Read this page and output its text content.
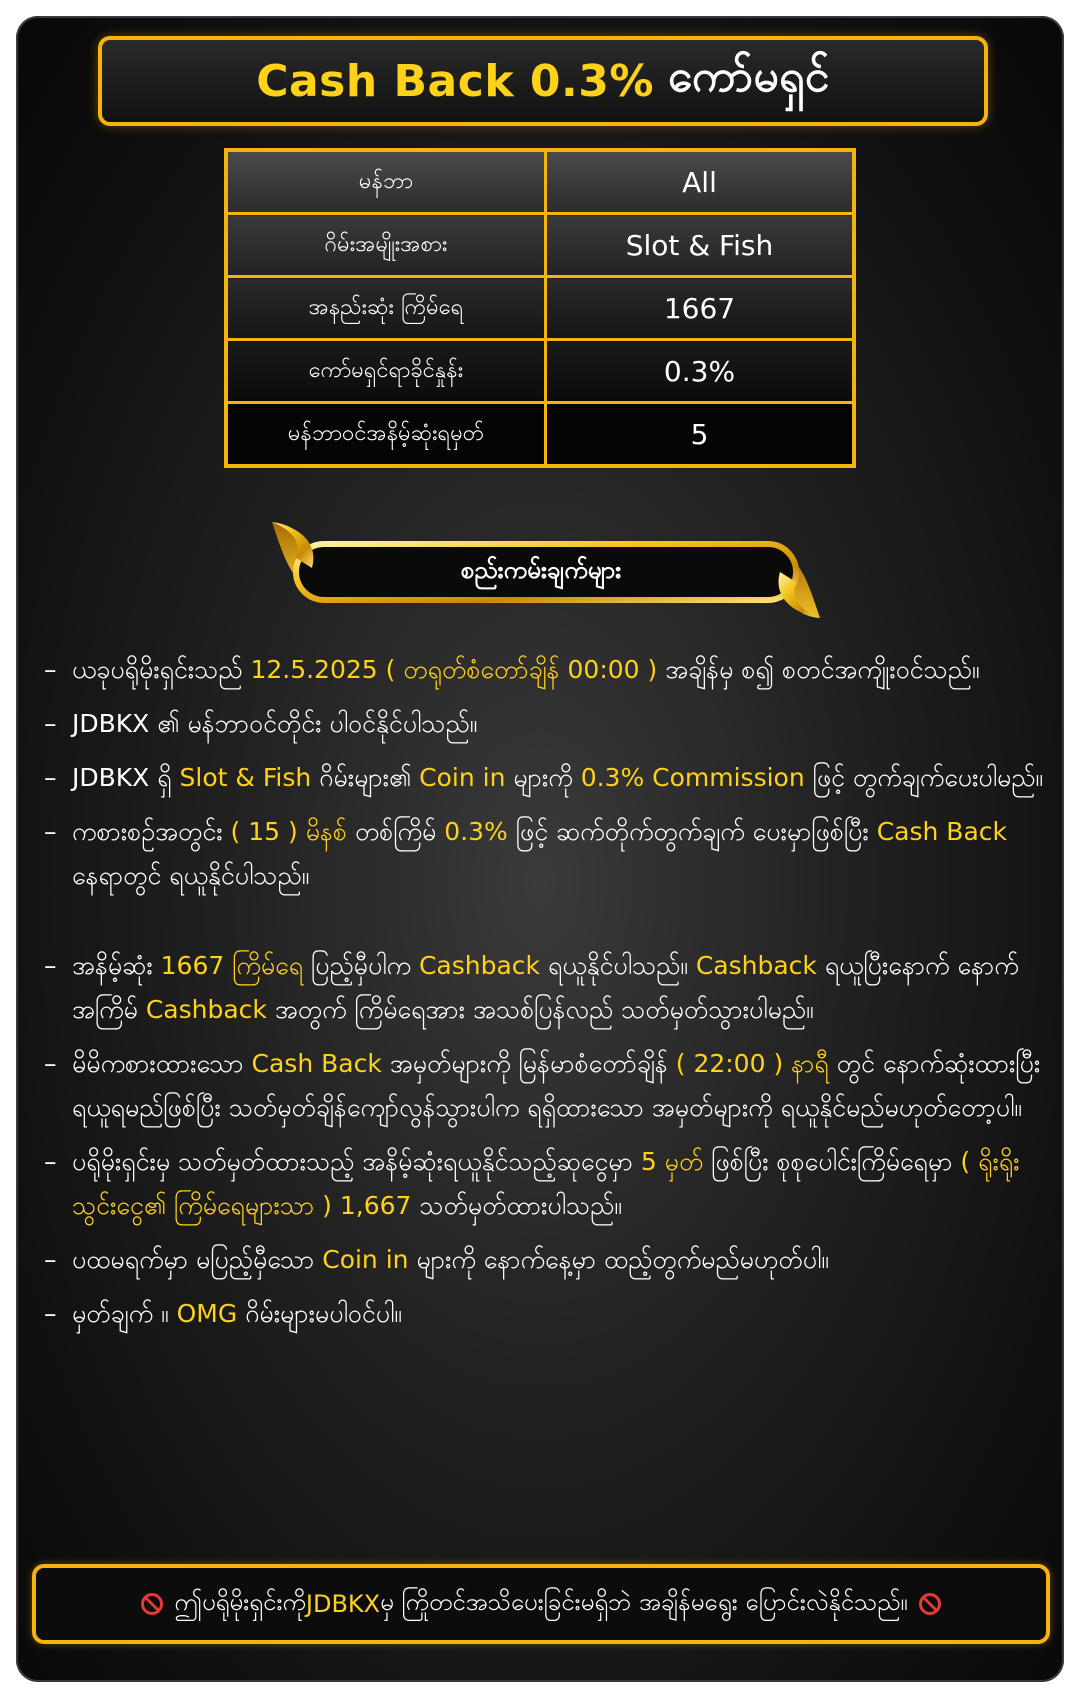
Cash Back 0.3% ကော်မရှင်
မန်ဘာ	All
ဂိမ်းအမျိုးအစား	Slot & Fish
အနည်းဆုံး ကြိမ်ရေ	1667
ကော်မရှင်ရာခိုင်နှုန်း	0.3%
မန်ဘာဝင်အနိမ့်ဆုံးရမှတ်	5
စည်းကမ်းချက်များ
– ယခုပရိုမိုးရှင်းသည် 12.5.2025 ( တရုတ်စံတော်ချိန် 00:00 ) အချိန်မှ စ၍ စတင်အကျိုးဝင်သည်။
– JDBKX ၏ မန်ဘာဝင်တိုင်း ပါဝင်နိုင်ပါသည်။
– JDBKX ရှိ Slot & Fish ဂိမ်းများ၏ Coin in များကို 0.3% Commission ဖြင့် တွက်ချက်ပေးပါမည်။
– ကစားစဉ်အတွင်း ( 15 ) မိနစ် တစ်ကြိမ် 0.3% ဖြင့် ဆက်တိုက်တွက်ချက် ပေးမှာဖြစ်ပြီး Cash Back နေရာတွင် ရယူနိုင်ပါသည်။
– အနိမ့်ဆုံး 1667 ကြိမ်ရေ ပြည့်မှီပါက Cashback ရယူနိုင်ပါသည်။ Cashback ရယူပြီးနောက် နောက်အကြိမ် Cashback အတွက် ကြိမ်ရေအား အသစ်ပြန်လည် သတ်မှတ်သွားပါမည်။
– မိမိကစားထားသော Cash Back အမှတ်များကို မြန်မာစံတော်ချိန် ( 22:00 ) နာရီ တွင် နောက်ဆုံးထားပြီး ရယူရမည်ဖြစ်ပြီး သတ်မှတ်ချိန်ကျော်လွန်သွားပါက ရရှိထားသော အမှတ်များကို ရယူနိုင်မည်မဟုတ်တော့ပါ။
– ပရိုမိုးရှင်းမှ သတ်မှတ်ထားသည့် အနိမ့်ဆုံးရယူနိုင်သည့်ဆုငွေမှာ 5 မှတ် ဖြစ်ပြီး စုစုပေါင်းကြိမ်ရေမှာ ( ရိုးရိုးသွင်းငွေ၏ ကြိမ်ရေများသာ ) 1,667 သတ်မှတ်ထားပါသည်။
– ပထမရက်မှာ မပြည့်မှီသော Coin in များကို နောက်နေ့မှာ ထည့်တွက်မည်မဟုတ်ပါ။
– မှတ်ချက် ။ OMG ဂိမ်းများမပါဝင်ပါ။
ဤပရိုမိုးရှင်းကို JDBKX မှ ကြိုတင်အသိပေးခြင်းမရှိဘဲ အချိန်မရွေး ပြောင်းလဲနိုင်သည်။
